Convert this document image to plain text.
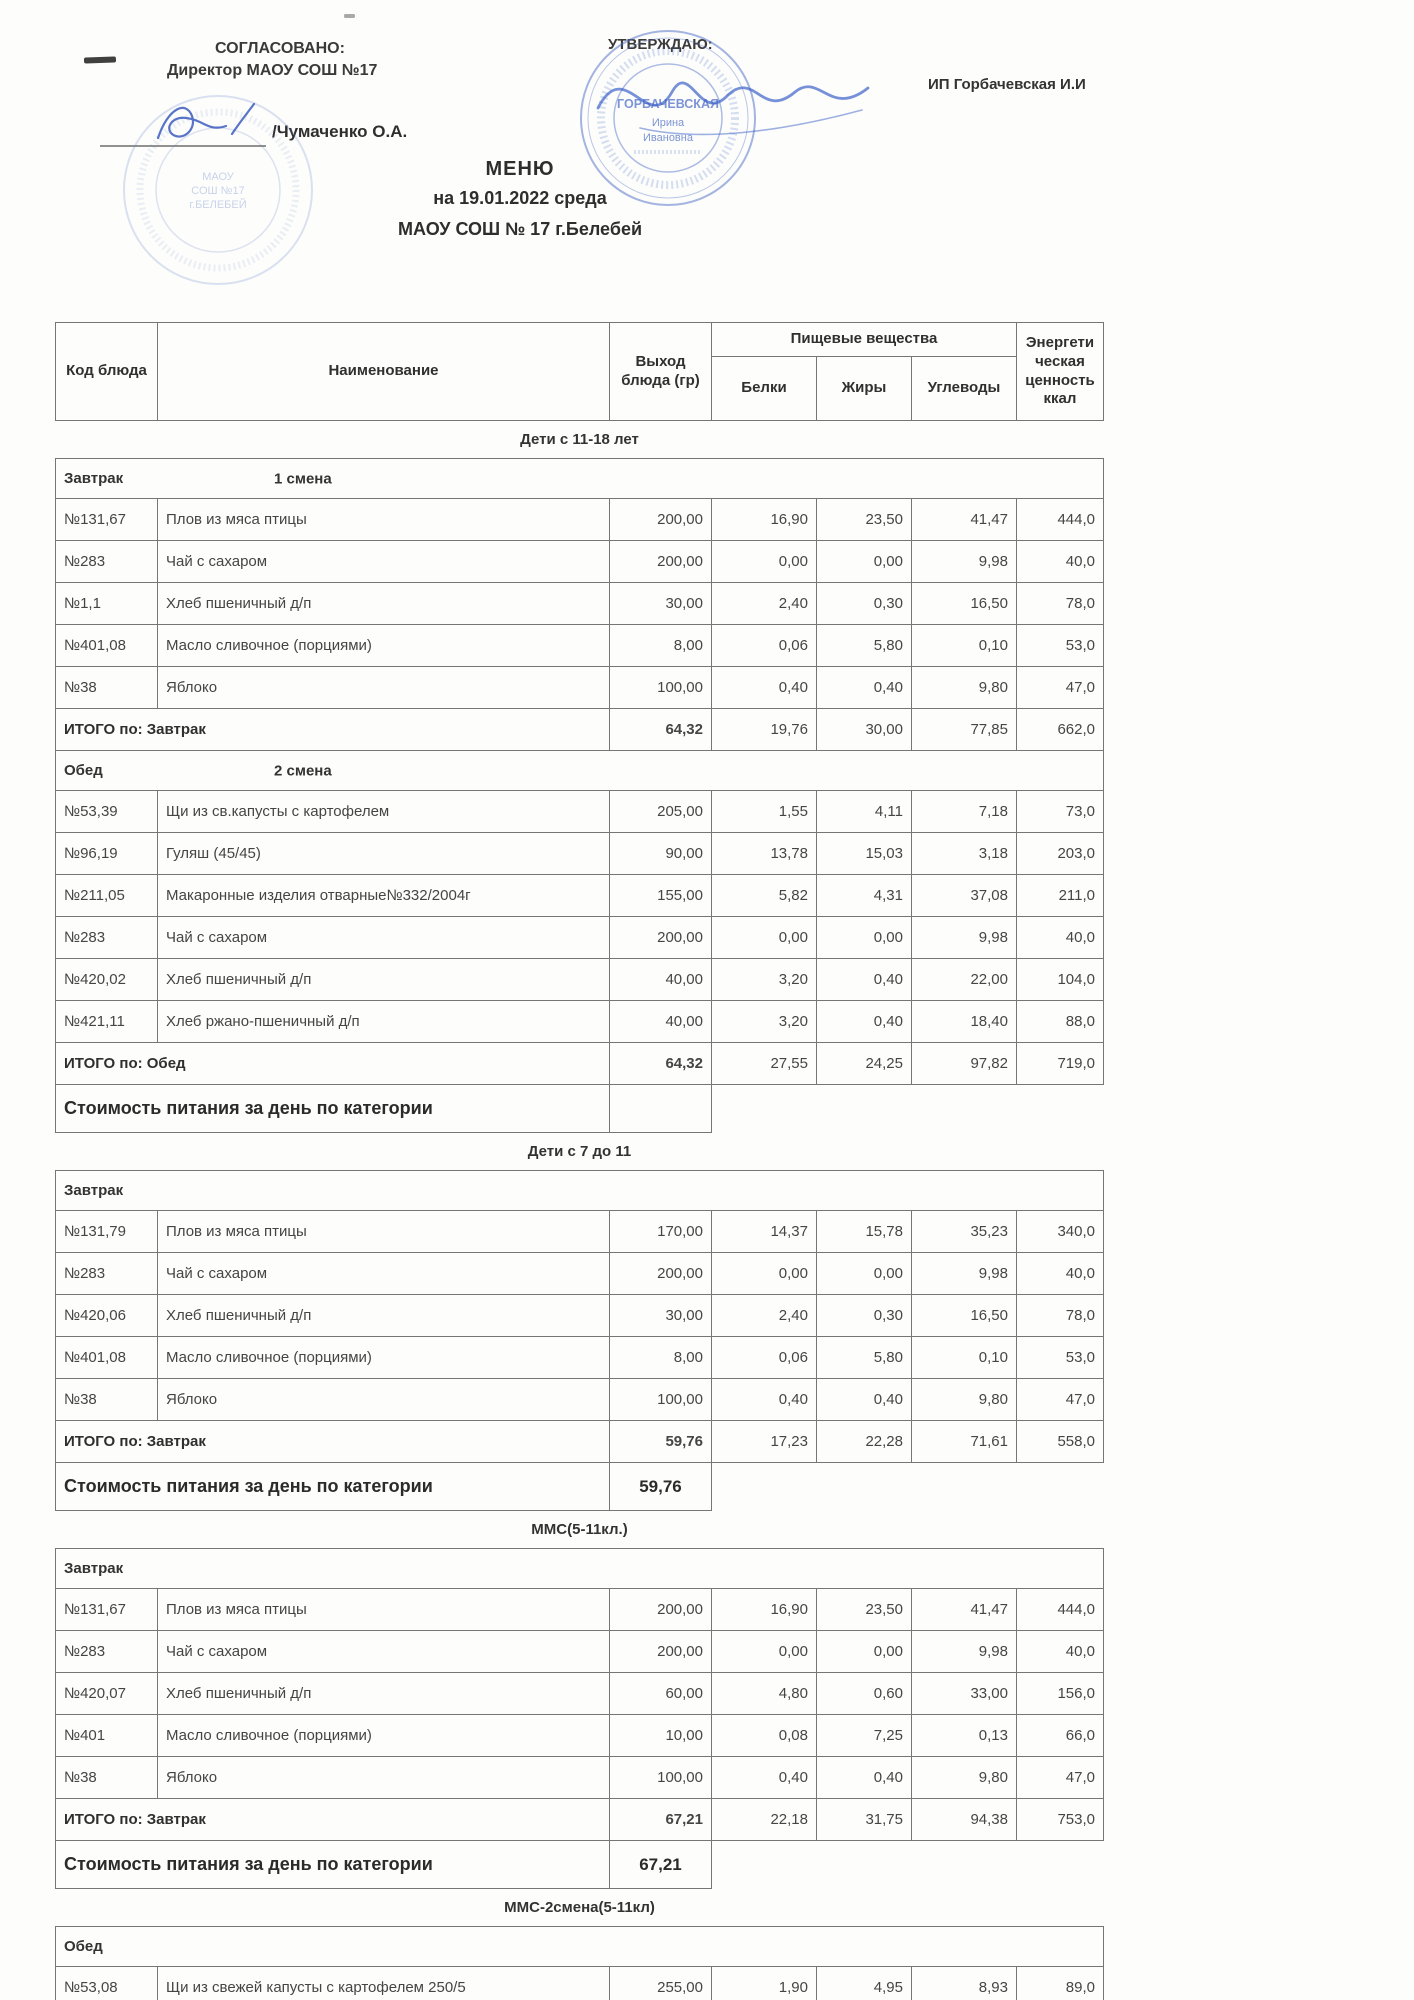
СОГЛАСОВАНО:
Директор МАОУ СОШ №17
УТВЕРЖДАЮ:
ИП Горбачевская И.И
/Чумаченко О.А.
МЕНЮ
на 19.01.2022 среда
МАОУ СОШ № 17 г.Белебей
Код блюда	Наименование	Выход блюда (гр)	Пищевые вещества			Энергети ческая ценность ккал
			Белки	Жиры	Углеводы	
Дети с 11-18 лет						
Завтрак 1 смена						

№131,67	Плов из мяса птицы	200,00	16,90	23,50	41,47	444,0
№283	Чай с сахаром	200,00	0,00	0,00	9,98	40,0
№1,1	Хлеб пшеничный д/п	30,00	2,40	0,30	16,50	78,0
№401,08	Масло сливочное (порциями)	8,00	0,06	5,80	0,10	53,0
№38	Яблоко	100,00	0,40	0,40	9,80	47,0
ИТОГО по: Завтрак		64,32	19,76	30,00	77,85	662,0
Обед 2 смена						

№53,39	Щи из св.капусты с картофелем	205,00	1,55	4,11	7,18	73,0
№96,19	Гуляш (45/45)	90,00	13,78	15,03	3,18	203,0
№211,05	Макаронные изделия отварные№332/2004г	155,00	5,82	4,31	37,08	211,0
№283	Чай с сахаром	200,00	0,00	0,00	9,98	40,0
№420,02	Хлеб пшеничный д/п	40,00	3,20	0,40	22,00	104,0
№421,11	Хлеб ржано-пшеничный д/п	40,00	3,20	0,40	18,40	88,0
ИТОГО по: Обед		64,32	27,55	24,25	97,82	719,0
Стоимость питания за день по категории						
Дети с 7 до 11						
Завтрак						
№131,79	Плов из мяса птицы	170,00	14,37	15,78	35,23	340,0
№283	Чай с сахаром	200,00	0,00	0,00	9,98	40,0
№420,06	Хлеб пшеничный д/п	30,00	2,40	0,30	16,50	78,0
№401,08	Масло сливочное (порциями)	8,00	0,06	5,80	0,10	53,0
№38	Яблоко	100,00	0,40	0,40	9,80	47,0
ИТОГО по: Завтрак		59,76	17,23	22,28	71,61	558,0
Стоимость питания за день по категории		59,76				
ММС(5-11кл.)						
Завтрак						
№131,67	Плов из мяса птицы	200,00	16,90	23,50	41,47	444,0
№283	Чай с сахаром	200,00	0,00	0,00	9,98	40,0
№420,07	Хлеб пшеничный д/п	60,00	4,80	0,60	33,00	156,0
№401	Масло сливочное (порциями)	10,00	0,08	7,25	0,13	66,0
№38	Яблоко	100,00	0,40	0,40	9,80	47,0
ИТОГО по: Завтрак		67,21	22,18	31,75	94,38	753,0
Стоимость питания за день по категории		67,21				
ММС-2смена(5-11кл)						
Обед						
№53,08	Щи из свежей капусты с картофелем 250/5	255,00	1,90	4,95	8,93	89,0
МАОУ
СОШ №17
г.БЕЛЕБЕЙ
ГОРБАЧЕВСКАЯ
Ирина
Ивановна
